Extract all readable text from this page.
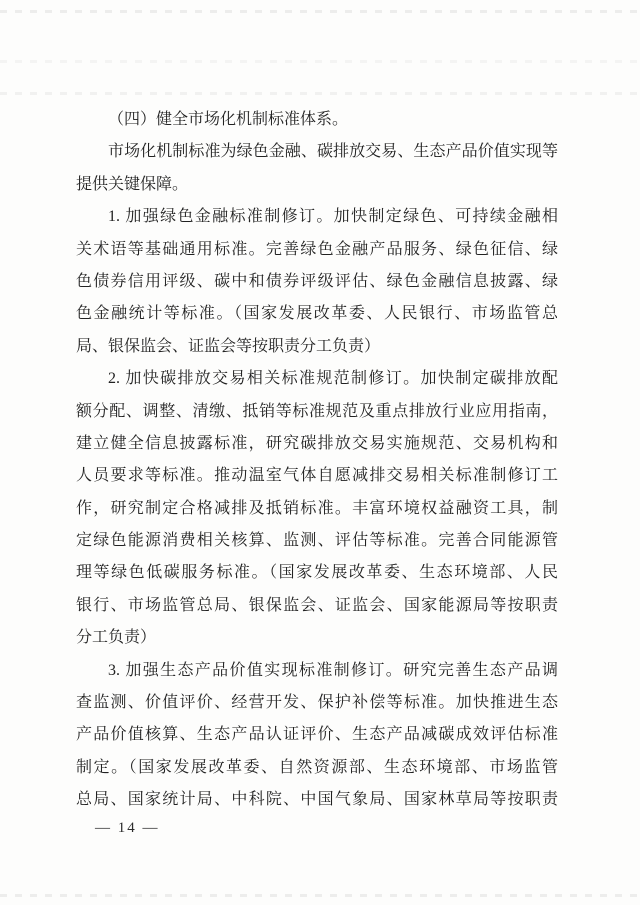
（四）健全市场化机制标准体系。
市场化机制标准为绿色金融、碳排放交易、生态产品价值实现等
提供关键保障。
1. 加强绿色金融标准制修订。加快制定绿色、可持续金融相
关术语等基础通用标准。完善绿色金融产品服务、绿色征信、绿
色债券信用评级、碳中和债券评级评估、绿色金融信息披露、绿
色金融统计等标准。（国家发展改革委、人民银行、市场监管总
局、银保监会、证监会等按职责分工负责）
2. 加快碳排放交易相关标准规范制修订。加快制定碳排放配
额分配、调整、清缴、抵销等标准规范及重点排放行业应用指南，
建立健全信息披露标准，研究碳排放交易实施规范、交易机构和
人员要求等标准。推动温室气体自愿减排交易相关标准制修订工
作，研究制定合格减排及抵销标准。丰富环境权益融资工具，制
定绿色能源消费相关核算、监测、评估等标准。完善合同能源管
理等绿色低碳服务标准。（国家发展改革委、生态环境部、人民
银行、市场监管总局、银保监会、证监会、国家能源局等按职责
分工负责）
3. 加强生态产品价值实现标准制修订。研究完善生态产品调
查监测、价值评价、经营开发、保护补偿等标准。加快推进生态
产品价值核算、生态产品认证评价、生态产品减碳成效评估标准
制定。（国家发展改革委、自然资源部、生态环境部、市场监管
总局、国家统计局、中科院、中国气象局、国家林草局等按职责
— 14 —
